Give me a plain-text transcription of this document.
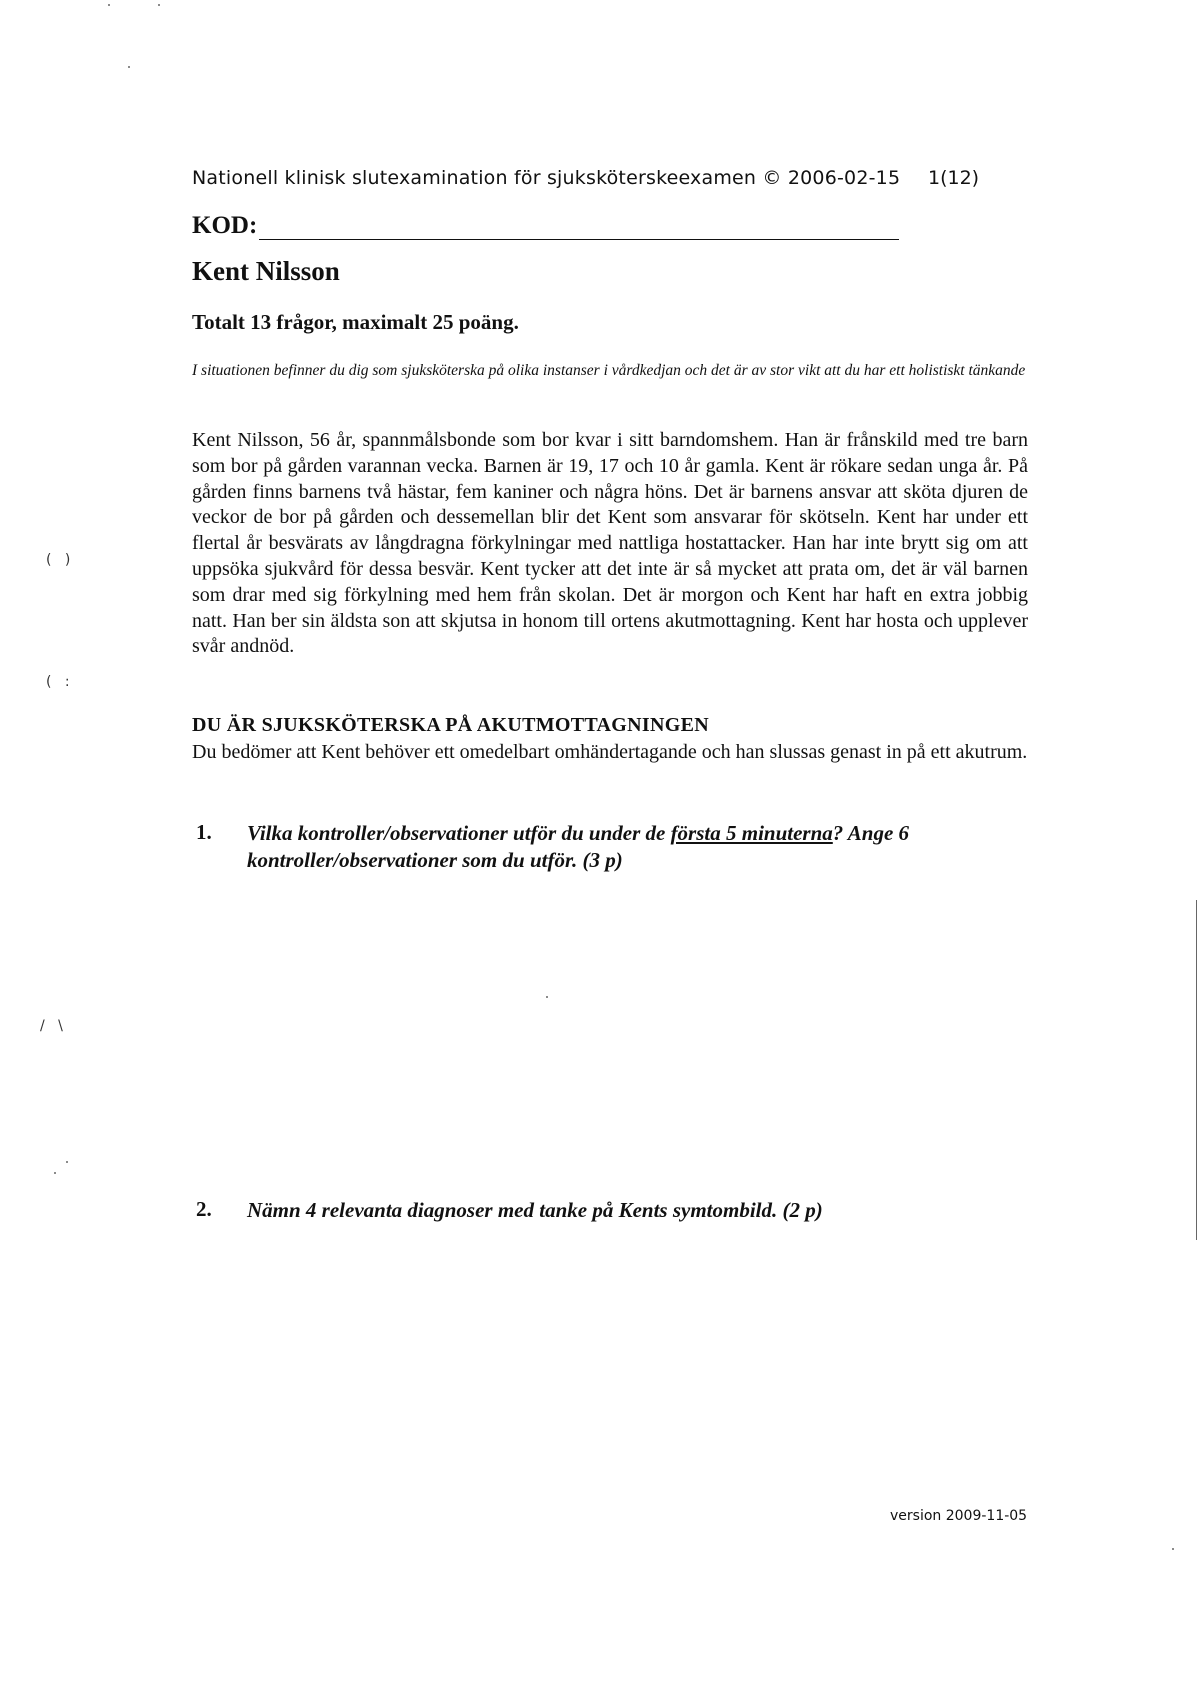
Nationell klinisk slutexamination för sjuksköterskeexamen © 2006-02-15 1(12)
KOD:
Kent Nilsson
Totalt 13 frågor, maximalt 25 poäng.
I situationen befinner du dig som sjuksköterska på olika instanser i vårdkedjan och det är av stor vikt att du har ett holistiskt tänkande
Kent Nilsson, 56 år, spannmålsbonde som bor kvar i sitt barndomshem. Han är frånskild med tre barn som bor på gården varannan vecka. Barnen är 19, 17 och 10 år gamla. Kent är rökare sedan unga år. På gården finns barnens två hästar, fem kaniner och några höns. Det är barnens ansvar att sköta djuren de veckor de bor på gården och dessemellan blir det Kent som ansvarar för skötseln. Kent har under ett flertal år besvärats av långdragna förkylningar med nattliga hostattacker. Han har inte brytt sig om att uppsöka sjukvård för dessa besvär. Kent tycker att det inte är så mycket att prata om, det är väl barnen som drar med sig förkylning med hem från skolan. Det är morgon och Kent har haft en extra jobbig natt. Han ber sin äldsta son att skjutsa in honom till ortens akutmottagning. Kent har hosta och upplever svår andnöd.
DU ÄR SJUKSKÖTERSKA PÅ AKUTMOTTAGNINGEN
Du bedömer att Kent behöver ett omedelbart omhändertagande och han slussas genast in på ett akutrum.
1. Vilka kontroller/observationer utför du under de första 5 minuterna? Ange 6 kontroller/observationer som du utför. (3 p)
2. Nämn 4 relevanta diagnoser med tanke på Kents symtombild. (2 p)
version 2009-11-05
(   )
(   :
/   \
